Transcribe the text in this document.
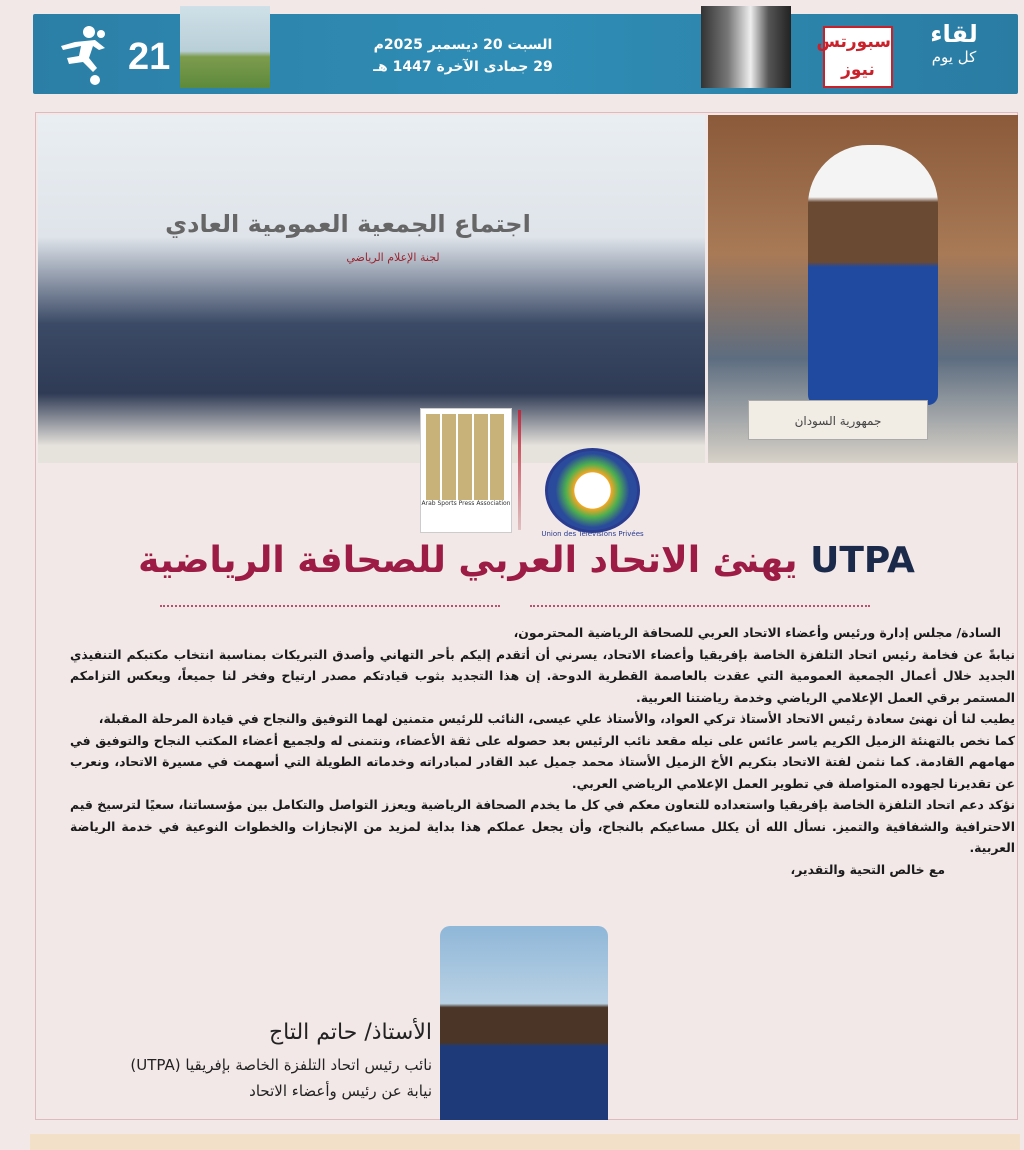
21	السبت 20 ديسمبر 2025م
29 جمادى الآخرة 1447 هـ
سبورتس نيوز
لقاء
كل يوم
لجنة الإعلام الرياضي
اجتماع الجمعية العمومية العادي
جمهورية السودان
Arab Sports Press Association
Union des Télévisions Privées
UTPA يهنئ الاتحاد العربي للصحافة الرياضية

السادة/ مجلس إدارة ورئيس وأعضاء الاتحاد العربي للصحافة الرياضية المحترمون،

نيابةً عن فخامة رئيس اتحاد التلفزة الخاصة بإفريقيا وأعضاء الاتحاد، يسرني أن أتقدم إليكم بأحر التهاني وأصدق التبريكات بمناسبة انتخاب مكتبكم التنفيذي الجديد خلال أعمال الجمعية العمومية التي عقدت بالعاصمة القطرية الدوحة. إن هذا التجديد بثوب قيادتكم مصدر ارتياح وفخر لنا جميعاً، ويعكس التزامكم المستمر برقي العمل الإعلامي الرياضي وخدمة رياضتنا العربية.

يطيب لنا أن نهنئ سعادة رئيس الاتحاد الأستاذ تركي العواد، والأستاذ علي عيسى، النائب للرئيس متمنين لهما التوفيق والنجاح في قيادة المرحلة المقبلة،

كما نخص بالتهنئة الزميل الكريم ياسر عائس على نيله مقعد نائب الرئيس بعد حصوله على ثقة الأعضاء، ونتمنى له ولجميع أعضاء المكتب النجاح والتوفيق في مهامهم القادمة. كما نثمن لفتة الاتحاد بتكريم الأخ الزميل الأستاذ محمد جميل عبد القادر لمبادراته وخدماته الطويلة التي أسهمت في مسيرة الاتحاد، ونعرب عن تقديرنا لجهوده المتواصلة في تطوير العمل الإعلامي الرياضي العربي.

نؤكد دعم اتحاد التلفزة الخاصة بإفريقيا واستعداده للتعاون معكم في كل ما يخدم الصحافة الرياضية ويعزز التواصل والتكامل بين مؤسساتنا، سعيًا لترسيخ قيم الاحترافية والشفافية والتميز. نسأل الله أن يكلل مساعيكم بالنجاح، وأن يجعل عملكم هذا بداية لمزيد من الإنجازات والخطوات النوعية في خدمة الرياضة العربية.

مع خالص التحية والتقدير،

الأستاذ/ حاتم التاج
نائب رئيس اتحاد التلفزة الخاصة بإفريقيا (UTPA)
نيابة عن رئيس وأعضاء الاتحاد
